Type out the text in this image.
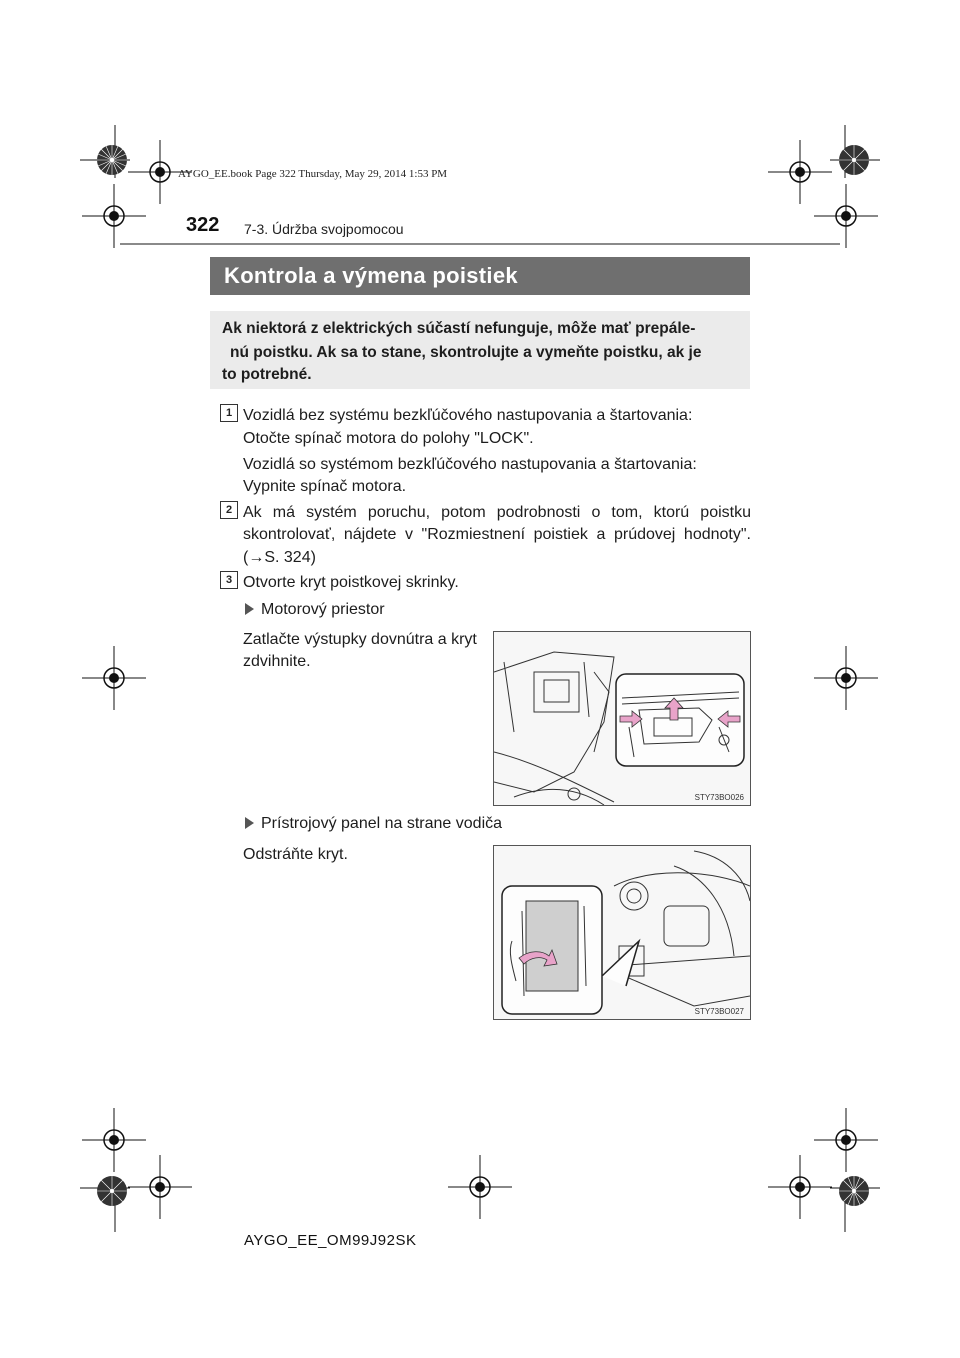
AYGO_EE.book Page 322 Thursday, May 29, 2014 1:53 PM
322 7-3. Údržba svojpomocou
Kontrola a výmena poistiek
Ak niektorá z elektrických súčastí nefunguje, môže mať prepále-
nú poistku. Ak sa to stane, skontrolujte a vymeňte poistku, ak je
to potrebné.
1 Vozidlá bez systému bezkľúčového nastupovania a štartovania:
Otočte spínač motora do polohy "LOCK".
Vozidlá so systémom bezkľúčového nastupovania a štartovania:
Vypnite spínač motora.
2 Ak má systém poruchu, potom podrobnosti o tom, ktorú poistku
skontrolovať, nájdete v "Rozmiestnení poistiek a prúdovej hodnoty".
(→S. 324)
3 Otvorte kryt poistkovej skrinky.
Motorový priestor
Zatlačte výstupky dovnútra a kryt
zdvihnite.
STY73BO026
Prístrojový panel na strane vodiča
Odstráňte kryt.
STY73BO027
AYGO_EE_OM99J92SK
